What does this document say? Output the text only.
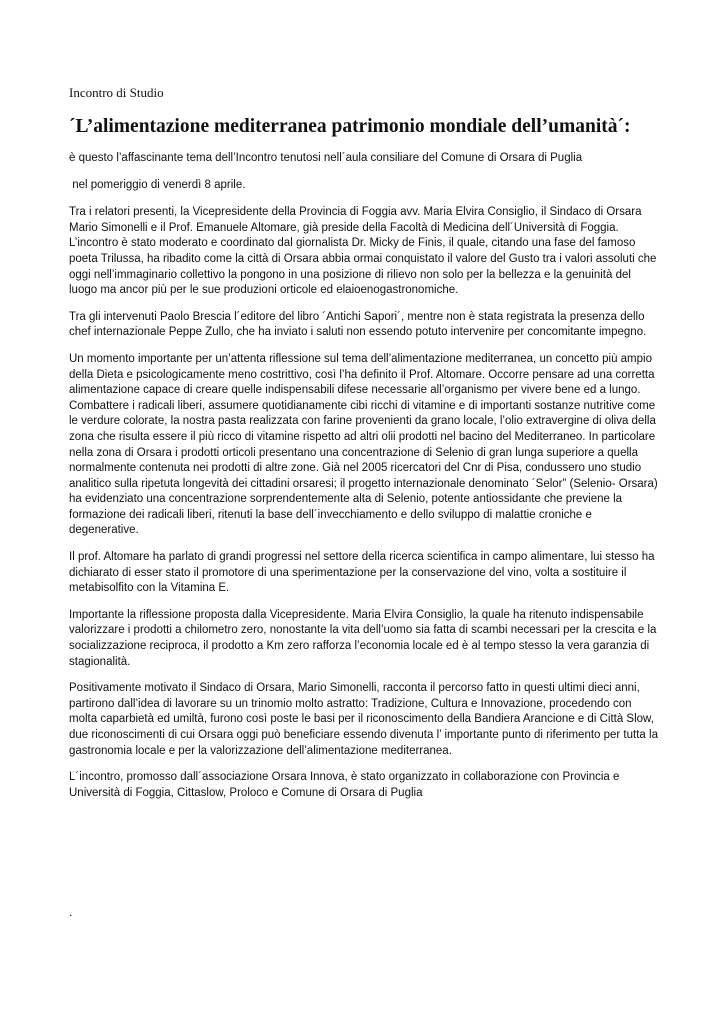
Incontro di Studio
´L’alimentazione mediterranea patrimonio mondiale dell’umanità´:
è questo l’affascinante tema dell’Incontro tenutosi nell´aula consiliare del Comune di Orsara di Puglia
nel pomeriggio di venerdì 8 aprile.
Tra i relatori presenti, la Vicepresidente della Provincia di Foggia avv. Maria Elvira Consiglio, il Sindaco di Orsara Mario Simonelli e il Prof. Emanuele Altomare, già preside della Facoltà di Medicina dell´Università di Foggia. L’incontro è stato moderato e coordinato dal giornalista Dr. Micky de Finis, il quale, citando una fase del famoso poeta Trilussa, ha ribadito come la città di Orsara abbia ormai conquistato il valore del Gusto tra i valori assoluti che oggi nell’immaginario collettivo la pongono in una posizione di rilievo non solo per la bellezza e la genuinità del luogo ma ancor più per le sue produzioni orticole ed elaioenogastronomiche.
Tra gli intervenuti Paolo Brescia l´editore del libro ´Antichi Sapori´, mentre non è stata registrata la presenza dello chef internazionale Peppe Zullo, che ha inviato i saluti non essendo potuto intervenire per concomitante impegno.
Un momento importante per un’attenta riflessione sul tema dell’alimentazione mediterranea, un concetto più ampio della Dieta e psicologicamente meno costrittivo, così l’ha definito il Prof. Altomare. Occorre pensare ad una corretta alimentazione capace di creare quelle indispensabili difese necessarie all’organismo per vivere bene ed a lungo. Combattere i radicali liberi, assumere quotidianamente cibi ricchi di vitamine e di importanti sostanze nutritive come le verdure colorate, la nostra pasta realizzata con farine provenienti da grano locale, l’olio extravergine di oliva della zona che risulta essere il più ricco di vitamine rispetto ad altri olii prodotti nel bacino del Mediterraneo. In particolare nella zona di Orsara i prodotti orticoli presentano una concentrazione di Selenio di gran lunga superiore a quella normalmente contenuta nei prodotti di altre zone. Già nel 2005 ricercatori del Cnr di Pisa, condussero uno studio analitico sulla ripetuta longevità dei cittadini orsaresi; il progetto internazionale denominato ´Selor” (Selenio- Orsara) ha evidenziato una concentrazione sorprendentemente alta di Selenio, potente antiossidante che previene la formazione dei radicali liberi, ritenuti la base dell´invecchiamento e dello sviluppo di malattie croniche e degenerative.
Il prof. Altomare ha parlato di grandi progressi nel settore della ricerca scientifica in campo alimentare, lui stesso ha dichiarato di esser stato il promotore di una sperimentazione per la conservazione del vino, volta a sostituire il metabisolfito con la Vitamina E.
Importante la riflessione proposta dalla Vicepresidente. Maria Elvira Consiglio, la quale ha ritenuto indispensabile valorizzare i prodotti a chilometro zero, nonostante la vita dell’uomo sia fatta di scambi necessari per la crescita e la socializzazione reciproca, il prodotto a Km zero rafforza l’economia locale ed è al tempo stesso la vera garanzia di stagionalità.
Positivamente motivato il Sindaco di Orsara, Mario Simonelli, racconta il percorso fatto in questi ultimi dieci anni, partirono dall’idea di lavorare su un trinomio molto astratto: Tradizione, Cultura e Innovazione, procedendo con molta caparbietà ed umiltà, furono così poste le basi per il riconoscimento della Bandiera Arancione e di Città Slow, due riconoscimenti di cui Orsara oggi può beneficiare essendo divenuta l’ importante punto di riferimento per tutta la gastronomia locale e per la valorizzazione dell’alimentazione mediterranea.
L´incontro, promosso dall´associazione Orsara Innova, è stato organizzato in collaborazione con Provincia e Università di Foggia, Cittaslow, Proloco e Comune di Orsara di Puglia
.
